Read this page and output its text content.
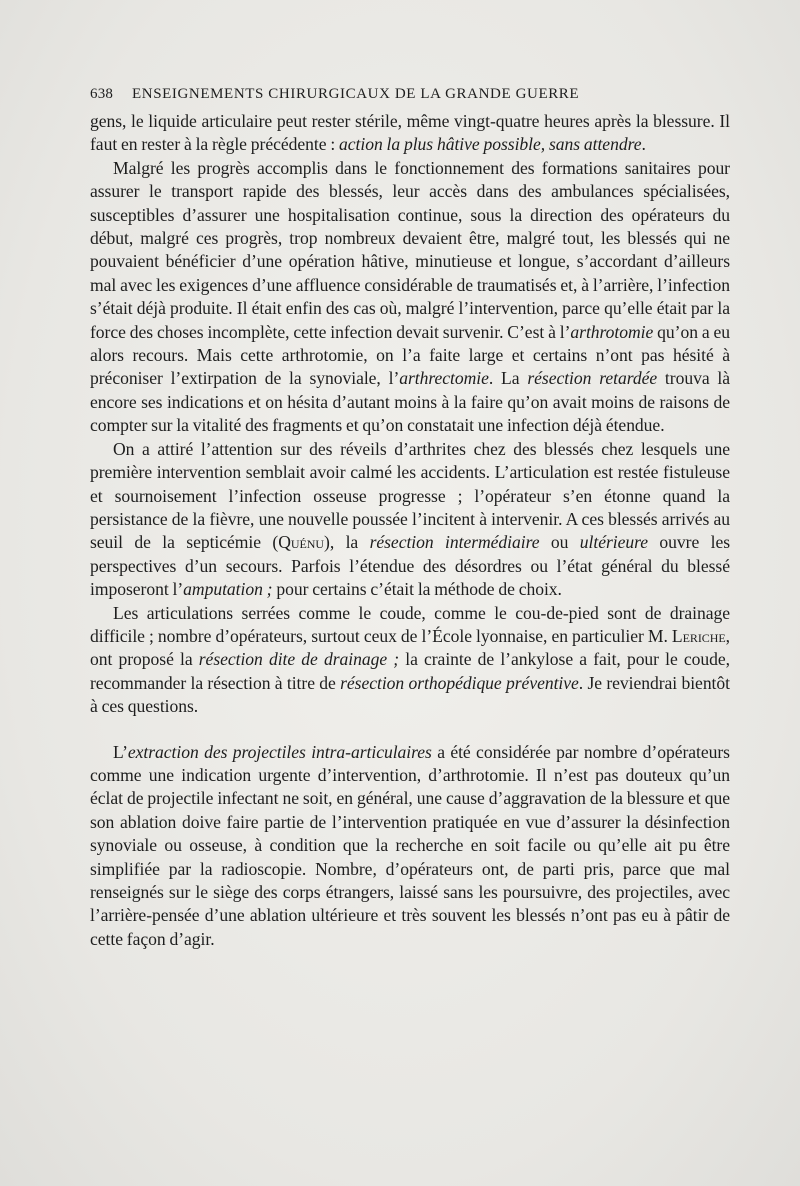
638 ENSEIGNEMENTS CHIRURGICAUX DE LA GRANDE GUERRE

gens, le liquide articulaire peut rester stérile, même vingt-quatre heures après la blessure. Il faut en rester à la règle précédente : action la plus hâtive possible, sans attendre.

Malgré les progrès accomplis dans le fonctionnement des formations sanitaires pour assurer le transport rapide des blessés, leur accès dans des ambulances spécialisées, susceptibles d’assurer une hospitalisation continue, sous la direction des opérateurs du début, malgré ces progrès, trop nombreux devaient être, malgré tout, les blessés qui ne pouvaient bénéficier d’une opération hâtive, minutieuse et longue, s’accordant d’ailleurs mal avec les exigences d’une affluence considérable de traumatisés et, à l’arrière, l’infection s’était déjà produite. Il était enfin des cas où, malgré l’intervention, parce qu’elle était par la force des choses incomplète, cette infection devait survenir. C’est à l’arthrotomie qu’on a eu alors recours. Mais cette arthrotomie, on l’a faite large et certains n’ont pas hésité à préconiser l’extirpation de la synoviale, l’arthrectomie. La résection retardée trouva là encore ses indications et on hésita d’autant moins à la faire qu’on avait moins de raisons de compter sur la vitalité des fragments et qu’on constatait une infection déjà étendue.

On a attiré l’attention sur des réveils d’arthrites chez des blessés chez lesquels une première intervention semblait avoir calmé les accidents. L’articulation est restée fistuleuse et sournoisement l’infection osseuse progresse ; l’opérateur s’en étonne quand la persistance de la fièvre, une nouvelle poussée l’incitent à intervenir. A ces blessés arrivés au seuil de la septicémie (Quénu), la résection intermédiaire ou ultérieure ouvre les perspectives d’un secours. Parfois l’étendue des désordres ou l’état général du blessé imposeront l’amputation ; pour certains c’était la méthode de choix.

Les articulations serrées comme le coude, comme le cou-de-pied sont de drainage difficile ; nombre d’opérateurs, surtout ceux de l’École lyonnaise, en particulier M. Leriche, ont proposé la résection dite de drainage ; la crainte de l’ankylose a fait, pour le coude, recommander la résection à titre de résection orthopédique préventive. Je reviendrai bientôt à ces questions.

L’extraction des projectiles intra-articulaires a été considérée par nombre d’opérateurs comme une indication urgente d’intervention, d’arthrotomie. Il n’est pas douteux qu’un éclat de projectile infectant ne soit, en général, une cause d’aggravation de la blessure et que son ablation doive faire partie de l’intervention pratiquée en vue d’assurer la désinfection synoviale ou osseuse, à condition que la recherche en soit facile ou qu’elle ait pu être simplifiée par la radioscopie. Nombre, d’opérateurs ont, de parti pris, parce que mal renseignés sur le siège des corps étrangers, laissé sans les poursuivre, des projectiles, avec l’arrière-pensée d’une ablation ultérieure et très souvent les blessés n’ont pas eu à pâtir de cette façon d’agir.
